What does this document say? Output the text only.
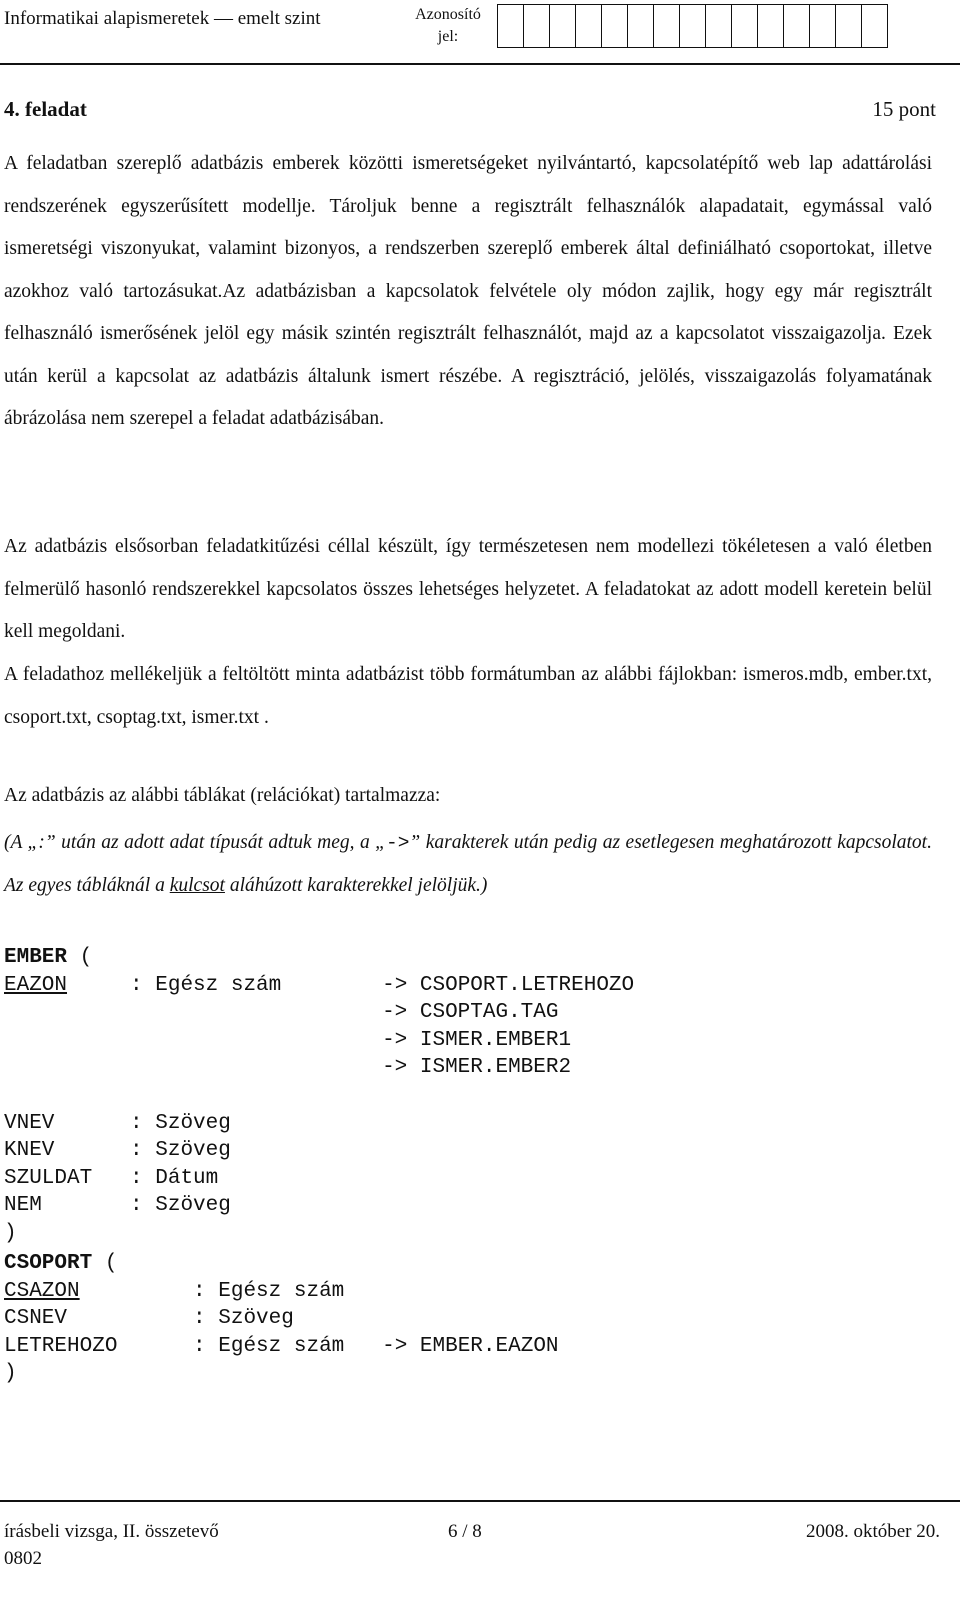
Informatikai alapismeretek — emelt szint	Azonosító jel:
4. feladat	15 pont

A feladatban szereplő adatbázis emberek közötti ismeretségeket nyilvántartó, kapcsolatépítő web lap adattárolási rendszerének egyszerűsített modellje. Tároljuk benne a regisztrált felhasználók alapadatait, egymással való ismeretségi viszonyukat, valamint bizonyos, a rendszerben szereplő emberek által definiálható csoportokat, illetve azokhoz való tartozásukat.Az adatbázisban a kapcsolatok felvétele oly módon zajlik, hogy egy már regisztrált felhasználó ismerősének jelöl egy másik szintén regisztrált felhasználót, majd az a kapcsolatot visszaigazolja. Ezek után kerül a kapcsolat az adatbázis általunk ismert részébe. A regisztráció, jelölés, visszaigazolás folyamatának ábrázolása nem szerepel a feladat adatbázisában.

Az adatbázis elsősorban feladatkitűzési céllal készült, így természetesen nem modellezi tökéletesen a való életben felmerülő hasonló rendszerekkel kapcsolatos összes lehetséges helyzetet. A feladatokat az adott modell keretein belül kell megoldani.

A feladathoz mellékeljük a feltöltött minta adatbázist több formátumban az alábbi fájlokban: ismeros.mdb, ember.txt, csoport.txt, csoptag.txt, ismer.txt .

Az adatbázis az alábbi táblákat (relációkat) tartalmazza:

(A „:” után az adott adat típusát adtuk meg, a „->” karakterek után pedig az esetlegesen meghatározott kapcsolatot. Az egyes tábláknál a kulcsot aláhúzott karakterekkel jelöljük.)

EMBER (
EAZON	: Egész szám	-> CSOPORT.LETREHOZO
-> CSOPTAG.TAG
-> ISMER.EMBER1
-> ISMER.EMBER2

VNEV	: Szöveg
KNEV	: Szöveg
SZULDAT : Dátum
NEM	: Szöveg
)
CSOPORT (
CSAZON	: Egész szám
CSNEV	: Szöveg
LETREHOZO	: Egész szám -> EMBER.EAZON
)
írásbeli vizsga, II. összetevő
0802
6 / 8	2008. október 20.
